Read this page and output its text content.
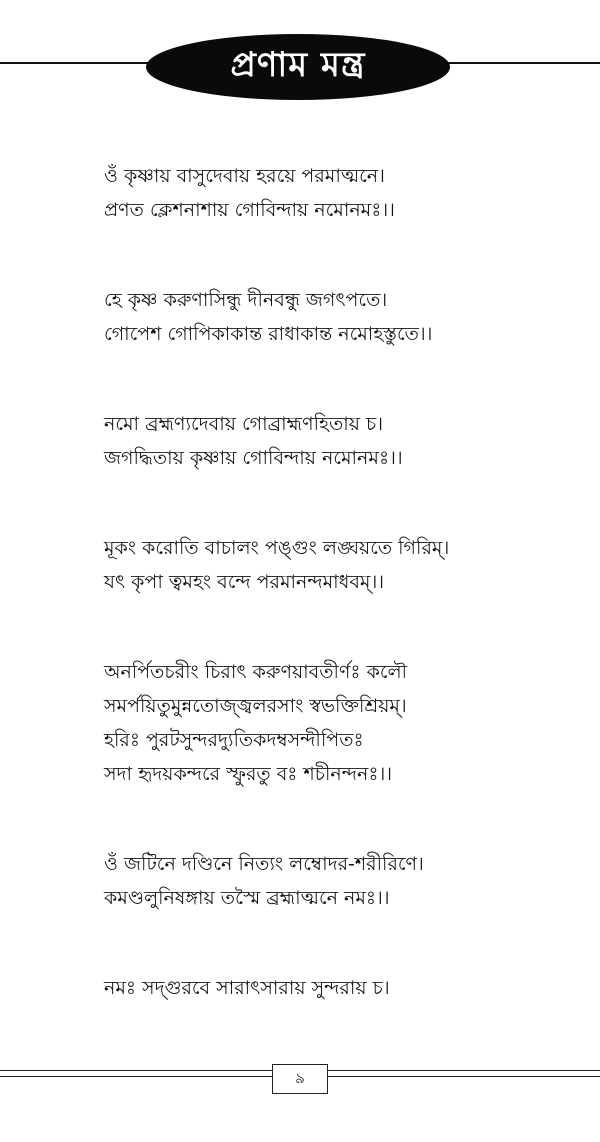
প্রণাম মন্ত্র
ওঁ কৃষ্ণায় বাসুদেবায় হরয়ে পরমাত্মনে।
প্রণত ক্লেশনাশায় গোবিন্দায় নমোনমঃ।।
হে কৃষ্ণ করুণাসিন্ধু দীনবন্ধু জগৎপতে।
গোপেশ গোপিকাকান্ত রাধাকান্ত নমোহস্তুতে।।
নমো ব্রহ্মণ্যদেবায় গোব্রাহ্মণহিতায় চ।
জগদ্ধিতায় কৃষ্ণায় গোবিন্দায় নমোনমঃ।।
মূকং করোতি বাচালং পঙ্গুং লঙ্ঘয়তে গিরিম্।
যৎ কৃপা ত্বমহং বন্দে পরমানন্দমাধবম্।।
অনর্পিতচরীং চিরাৎ করুণয়াবতীর্ণঃ কলৌ
সমর্পয়িতুমুন্নতোজ্জ্বলরসাং স্বভক্তিশ্রিয়ম্।
হরিঃ পুরটসুন্দরদ্যুতিকদম্বসন্দীপিতঃ
সদা হৃদয়কন্দরে স্ফুরতু বঃ শচীনন্দনঃ।।
ওঁ জটিনে দণ্ডিনে নিত্যং লম্বোদর-শরীরিণে।
কমণ্ডলুনিষঙ্গায় তস্মৈ ব্রহ্মাত্মনে নমঃ।।
নমঃ সদ্গুরবে সারাৎসারায় সুন্দরায় চ।
৯
